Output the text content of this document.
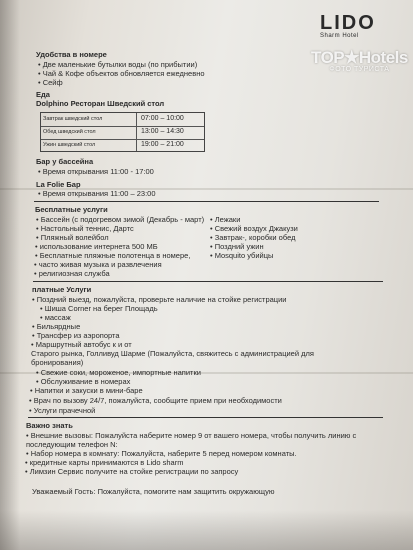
LIDO
Sharm Hotel
TOP★Hotels
ФОТО ТУРИСТА
Удобства в номере
• Две маленькие бутылки воды (по прибытии)
• Чай & Кофе объектов обновляется ежедневно
• Сейф
Еда
Dolphino Ресторан Шведский стол
Завтрак шведский стол	07:00 – 10:00
Обед шведский стол	13:00 – 14:30
Ужин шведский стол	19:00 – 21:00
Бар у бассейна
• Время открывания 11:00 - 17:00
La Folie Бар
• Время открывания 11:00 – 23:00
Бесплатные услуги
• Бассейн (с подогревом зимой (Декабрь - март)
• Настольный теннис, Дартс
• Пляжный волейбол
• использование интернета 500 МБ
• Бесплатные пляжные полотенца в номере,
• часто живая музыка и развлечения
• религиозная служба
• Лежаки
• Свежий воздух Джакузи
• Завтрак-, коробки обед
• Поздний ужин
• Mosquito убийцы
платные Услуги
• Поздний выезд, пожалуйста, проверьте наличие на стойке регистрации
• Шиша Corner на берег Площадь
• массаж
• Бильярдные
• Трансфер из аэропорта
• Маршрутный автобус к и от
Старого рынка, Голливуд Шарме (Пожалуйста, свяжитесь с администрацией для
бронирования)
• Свежие соки, мороженое, импортные напитки
• Обслуживание в номерах
• Напитки и закуски в мини-баре
• Врач по вызову 24/7, пожалуйста, сообщите прием при необходимости
• Услуги прачечной
Важно знать
• Внешние вызовы: Пожалуйста наберите номер 9 от вашего номера, чтобы получить линию с
последующим телефон N:
• Набор номера в комнату: Пожалуйста, наберите 5 перед номером комнаты.
• кредитные карты принимаются в Lido sharm
• Лимзин Сервис получите на стойке регистрации по запросу
Уважаемый Гость: Пожалуйста, помогите нам защитить окружающую
